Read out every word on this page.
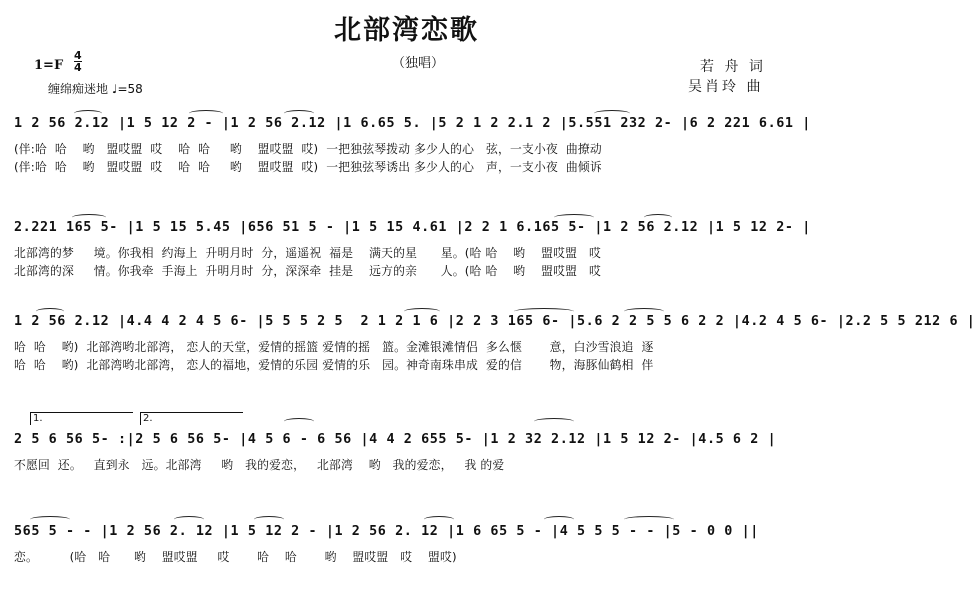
北部湾恋歌
（独唱）
$1=F \frac{4}{4}$
缠绵痴迷地 ♩=58
若 舟 词
吴肖玲 曲
1 2 56 2.12 |1 5 12 2 - |1 2 56 2.12 |1 6.65 5. |5 2 1 2 2.1 2 |5.551 232 2- |6 2 221 6.61 |
(伴:哈  哈    哟   盟哎盟  哎    哈  哈     哟    盟哎盟  哎)  一把独弦琴拨动 多少人的心   弦，一支小夜  曲撩动
(伴:哈  哈    哟   盟哎盟  哎    哈  哈     哟    盟哎盟  哎)  一把独弦琴诱出 多少人的心   声，一支小夜  曲倾诉
2.221 165 5- |1 5 15 5.45 |656 51 5 - |1 5 15 4.61 |2 2 1 6.165 5- |1 2 56 2.12 |1 5 12 2- |
北部湾的梦     境。你我相  约海上  升明月时  分，遥遥祝  福是    满天的星      星。(哈 哈    哟    盟哎盟   哎
北部湾的深     情。你我牵  手海上  升明月时  分，深深牵  挂是    远方的亲      人。(哈 哈    哟    盟哎盟   哎
1 2 56 2.12 |4.4 4 2 4 5 6- |5 5 5 2 5  2 1 2 1 6 |2 2 3 165 6- |5.6 2 2 5 5 6 2 2 |4.2 4 5 6- |2.2 5 5 212 6 |
哈  哈    哟)  北部湾哟北部湾， 恋人的天堂，爱情的摇篮 爱情的摇   篮。金滩银滩情侣  多么惬       意，白沙雪浪追  逐
哈  哈    哟)  北部湾哟北部湾， 恋人的福地，爱情的乐园 爱情的乐   园。神奇南珠串成  爱的信       物，海豚仙鹤相  伴
1.	2.
2 5 6 56 5- :|2 5 6 56 5- |4 5 6 - 6 56 |4 4 2 655 5- |1 2 32 2.12 |1 5 12 2- |4.5 6 2 |
不愿回  还。   直到永   远。北部湾     哟   我的爱恋，   北部湾    哟   我的爱恋，   我 的爱
565 5 - - |1 2 56 2. 12 |1 5 12 2 - |1 2 56 2. 12 |1 6 65 5 - |4 5 5 5 - - |5 - 0 0 ||
恋。        (哈   哈      哟    盟哎盟     哎       哈    哈       哟    盟哎盟   哎    盟哎)
